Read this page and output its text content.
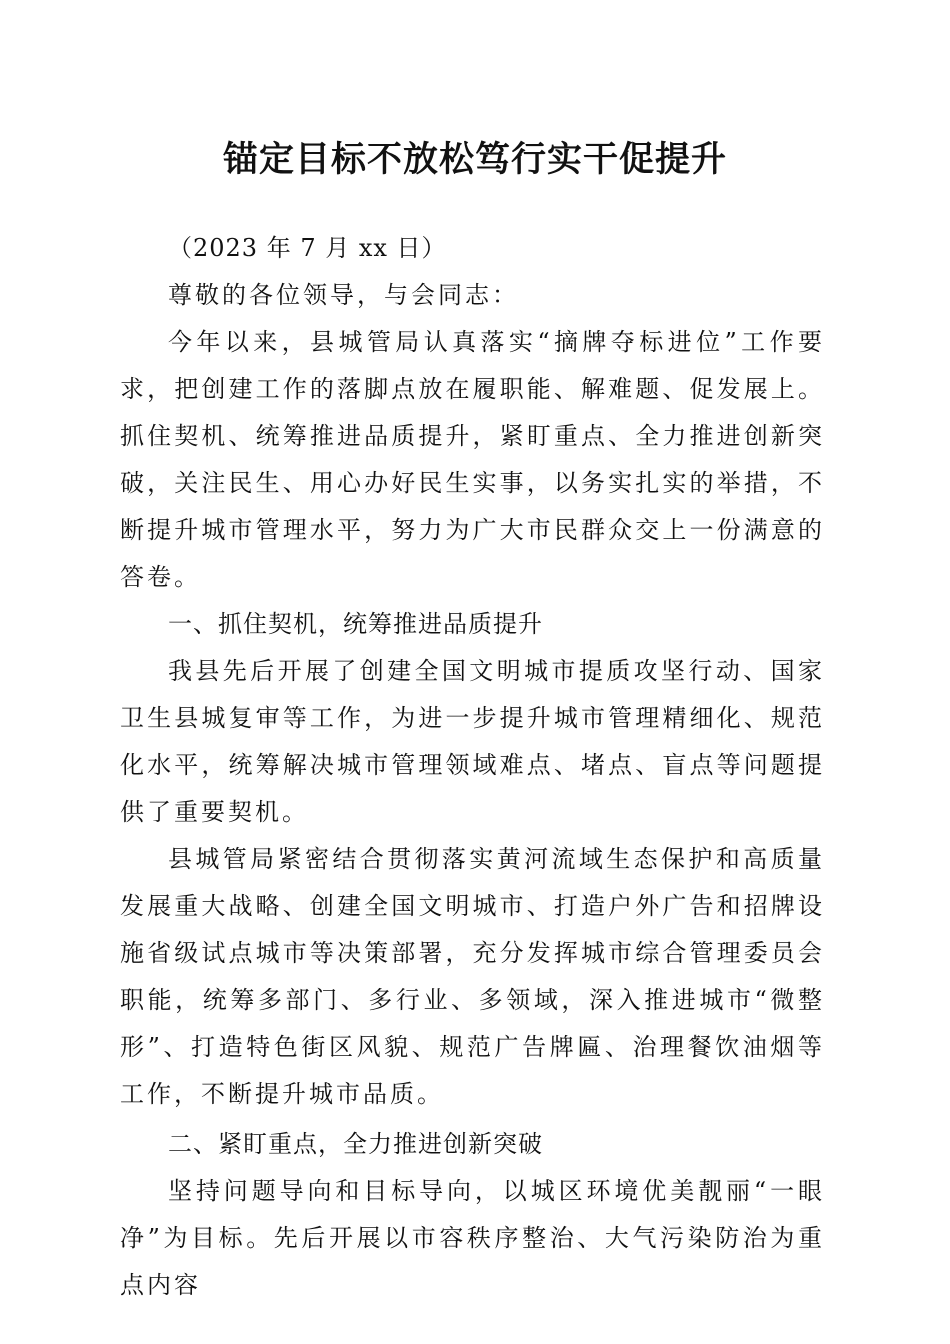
锚定目标不放松笃行实干促提升

（2023 年 7 月 xx 日）

尊敬的各位领导，与会同志：

今年以来，县城管局认真落实“摘牌夺标进位”工作要求，把创建工作的落脚点放在履职能、解难题、促发展上。抓住契机、统筹推进品质提升，紧盯重点、全力推进创新突破，关注民生、用心办好民生实事，以务实扎实的举措，不断提升城市管理水平，努力为广大市民群众交上一份满意的答卷。

一、抓住契机，统筹推进品质提升

我县先后开展了创建全国文明城市提质攻坚行动、国家卫生县城复审等工作，为进一步提升城市管理精细化、规范化水平，统筹解决城市管理领域难点、堵点、盲点等问题提供了重要契机。

县城管局紧密结合贯彻落实黄河流域生态保护和高质量发展重大战略、创建全国文明城市、打造户外广告和招牌设施省级试点城市等决策部署，充分发挥城市综合管理委员会职能，统筹多部门、多行业、多领域，深入推进城市“微整形”、打造特色街区风貌、规范广告牌匾、治理餐饮油烟等工作，不断提升城市品质。

二、紧盯重点，全力推进创新突破

坚持问题导向和目标导向，以城区环境优美靓丽“一眼净”为目标。先后开展以市容秩序整治、大气污染防治为重点内容
